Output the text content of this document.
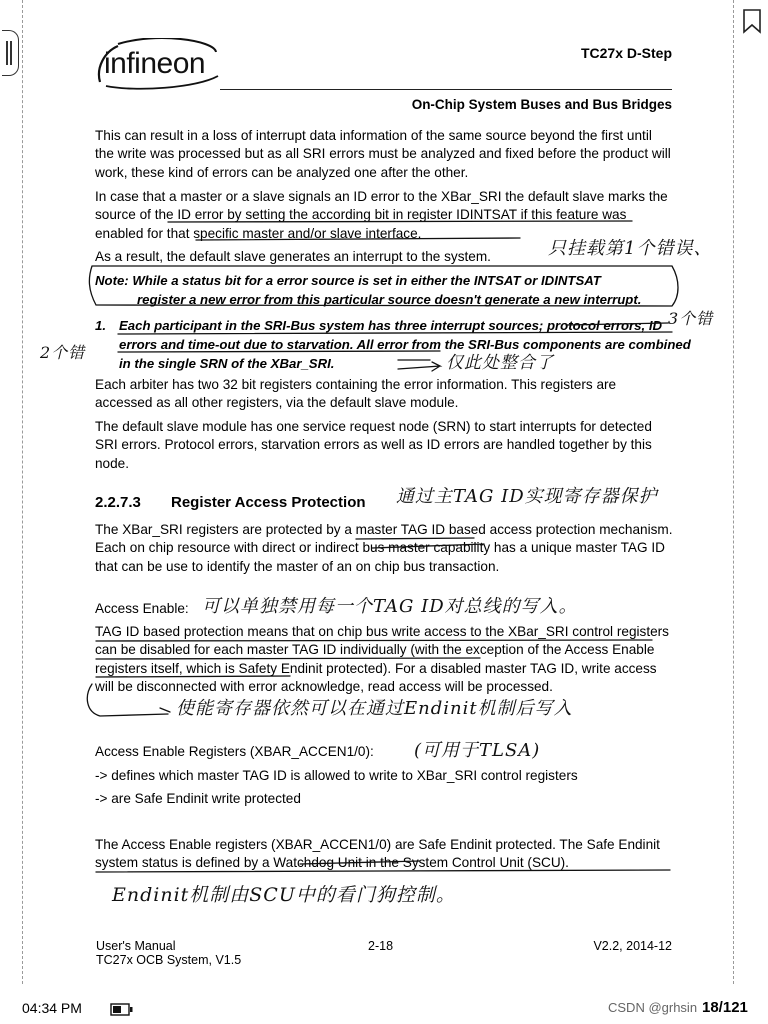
infineon	TC27x D-Step
On-Chip System Buses and Bus Bridges

This can result in a loss of interrupt data information of the same source beyond the first until the write was processed but as all SRI errors must be analyzed and fixed before the product will work, these kind of errors can be analyzed one after the other.

In case that a master or a slave signals an ID error to the XBar_SRI the default slave marks the source of the ID error by setting the according bit in register IDINTSAT if this feature was enabled for that specific master and/or slave interface.

As a result, the default slave generates an interrupt to the system.

Note: While a status bit for a error source is set in either the INTSAT or IDINTSAT
register a new error from this particular source doesn't generate a new interrupt.
1. Each participant in the SRI-Bus system has three interrupt sources; protocol errors, ID errors and time-out due to starvation. All error from the SRI-Bus components are combined in the single SRN of the XBar_SRI.

Each arbiter has two 32 bit registers containing the error information. This registers are accessed as all other registers, via the default slave module.

The default slave module has one service request node (SRN) to start interrupts for detected SRI errors. Protocol errors, starvation errors as well as ID errors are handled together by this node.

2.2.7.3 Register Access Protection

The XBar_SRI registers are protected by a master TAG ID based access protection mechanism. Each on chip resource with direct or indirect bus master capability has a unique master TAG ID that can be use to identify the master of an on chip bus transaction.

Access Enable:

TAG ID based protection means that on chip bus write access to the XBar_SRI control registers can be disabled for each master TAG ID individually (with the exception of the Access Enable registers itself, which is Safety Endinit protected). For a disabled master TAG ID, write access will be disconnected with error acknowledge, read access will be processed.

Access Enable Registers (XBAR_ACCEN1/0):

-> defines which master TAG ID is allowed to write to XBar_SRI control registers

-> are Safe Endinit write protected

The Access Enable registers (XBAR_ACCEN1/0) are Safe Endinit protected. The Safe Endinit system status is defined by a Watchdog Unit in the System Control Unit (SCU).

只挂载第1个错误、
3个错
2个错
仅此处整合了
通过主TAG ID实现寄存器保护
可以单独禁用每一个TAG ID对总线的写入。
使能寄存器依然可以在通过Endinit机制后写入
(可用于TLSA)
Endinit机制由SCU中的看门狗控制。
User's Manual
TC27x OCB System, V1.5
2-18	V2.2, 2014-12
04:34 PM	CSDN @grhsin 18/121
